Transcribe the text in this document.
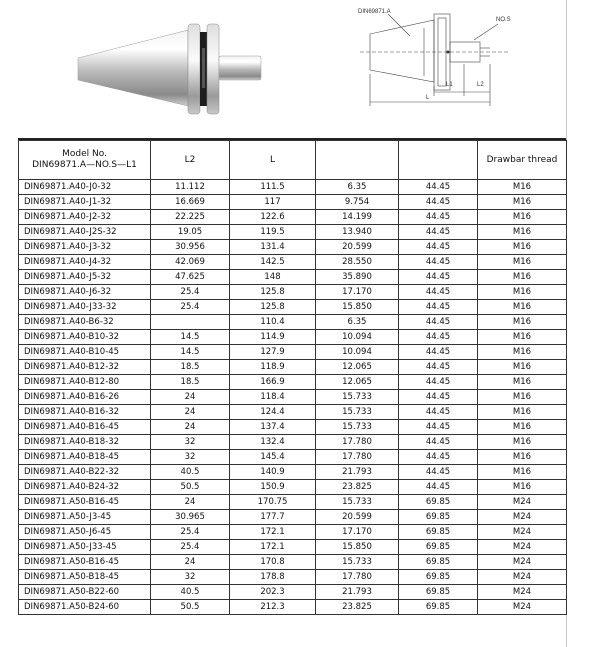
DIN69871.A
NO.S
L1	L2
L
Model No.
DIN69871.A—NO.S—L1	L2	L			Drawbar thread
DIN69871.A40-J0-32	11.112	111.5	6.35	44.45	M16
DIN69871.A40-J1-32	16.669	117	9.754	44.45	M16
DIN69871.A40-J2-32	22.225	122.6	14.199	44.45	M16
DIN69871.A40-J2S-32	19.05	119.5	13.940	44.45	M16
DIN69871.A40-J3-32	30.956	131.4	20.599	44.45	M16
DIN69871.A40-J4-32	42.069	142.5	28.550	44.45	M16
DIN69871.A40-J5-32	47.625	148	35.890	44.45	M16
DIN69871.A40-J6-32	25.4	125.8	17.170	44.45	M16
DIN69871.A40-J33-32	25.4	125.8	15.850	44.45	M16
DIN69871.A40-B6-32		110.4	6.35	44.45	M16
DIN69871.A40-B10-32	14.5	114.9	10.094	44.45	M16
DIN69871.A40-B10-45	14.5	127.9	10.094	44.45	M16
DIN69871.A40-B12-32	18.5	118.9	12.065	44.45	M16
DIN69871.A40-B12-80	18.5	166.9	12.065	44.45	M16
DIN69871.A40-B16-26	24	118.4	15.733	44.45	M16
DIN69871.A40-B16-32	24	124.4	15.733	44.45	M16
DIN69871.A40-B16-45	24	137.4	15.733	44.45	M16
DIN69871.A40-B18-32	32	132.4	17.780	44.45	M16
DIN69871.A40-B18-45	32	145.4	17.780	44.45	M16
DIN69871.A40-B22-32	40.5	140.9	21.793	44.45	M16
DIN69871.A40-B24-32	50.5	150.9	23.825	44.45	M16
DIN69871.A50-B16-45	24	170.75	15.733	69.85	M24
DIN69871.A50-J3-45	30.965	177.7	20.599	69.85	M24
DIN69871.A50-J6-45	25.4	172.1	17.170	69.85	M24
DIN69871.A50-J33-45	25.4	172.1	15.850	69.85	M24
DIN69871.A50-B16-45	24	170.8	15.733	69.85	M24
DIN69871.A50-B18-45	32	178.8	17.780	69.85	M24
DIN69871.A50-B22-60	40.5	202.3	21.793	69.85	M24
DIN69871.A50-B24-60	50.5	212.3	23.825	69.85	M24
